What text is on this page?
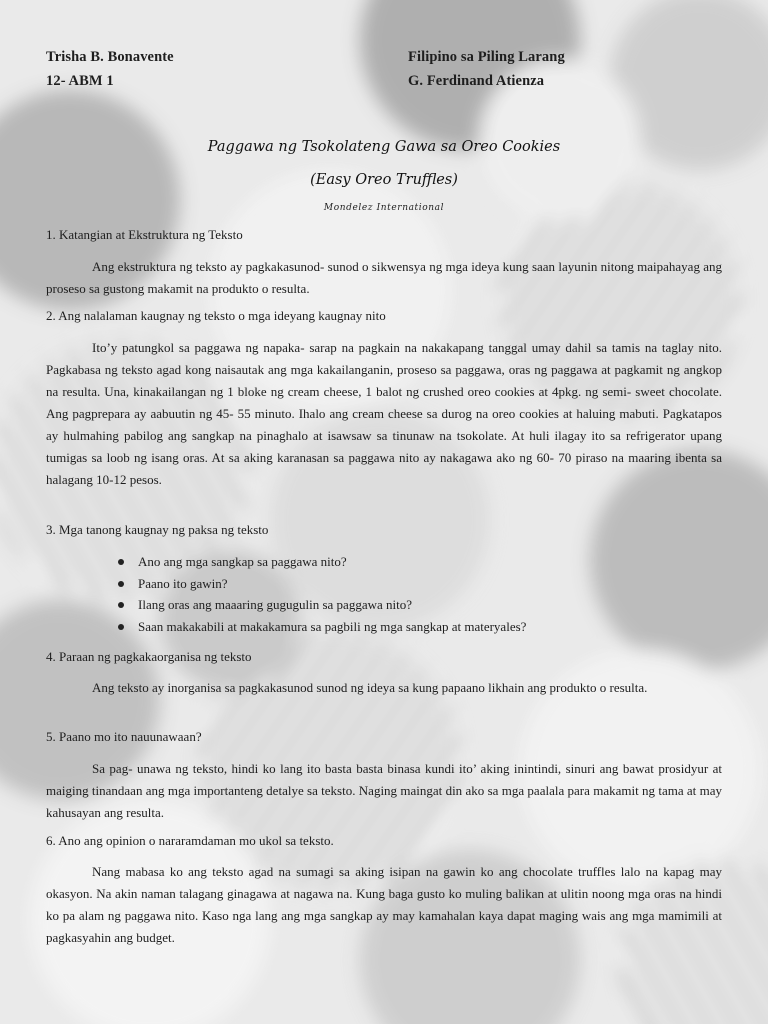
Trisha B. Bonavente
12- ABM 1
Filipino sa Piling Larang
G. Ferdinand Atienza
Paggawa ng Tsokolateng Gawa sa Oreo Cookies
(Easy Oreo Truffles)
Mondelez International
1. Katangian at Ekstruktura ng Teksto
Ang ekstruktura ng teksto ay pagkakasunod- sunod o sikwensya ng mga ideya kung saan layunin nitong maipahayag ang proseso sa gustong makamit na produkto o resulta.
2. Ang nalalaman kaugnay ng teksto o mga ideyang kaugnay nito
Ito’y patungkol sa paggawa ng napaka- sarap na pagkain na nakakapang tanggal umay dahil sa tamis na taglay nito. Pagkabasa ng teksto agad kong naisautak ang mga kakailanganin, proseso sa paggawa, oras ng paggawa at pagkamit ng angkop na resulta. Una, kinakailangan ng 1 bloke ng cream cheese, 1 balot ng crushed oreo cookies at 4pkg. ng semi- sweet chocolate. Ang pagprepara ay aabuutin ng 45- 55 minuto. Ihalo ang cream cheese sa durog na oreo cookies at haluing mabuti. Pagkatapos ay hulmahing pabilog ang sangkap na pinaghalo at isawsaw sa tinunaw na tsokolate. At huli ilagay ito sa refrigerator upang tumigas sa loob ng isang oras. At sa aking karanasan sa paggawa nito ay nakagawa ako ng 60- 70 piraso na maaring ibenta sa halagang 10-12 pesos.
3. Mga tanong kaugnay ng paksa ng teksto
Ano ang mga sangkap sa paggawa nito?
Paano ito gawin?
Ilang oras ang maaaring gugugulin sa paggawa nito?
Saan makakabili at makakamura sa pagbili ng mga sangkap at materyales?
4. Paraan ng pagkakaorganisa ng teksto
Ang teksto ay inorganisa sa pagkakasunod sunod ng ideya sa kung papaano likhain ang produkto o resulta.
5. Paano mo ito nauunawaan?
Sa pag- unawa ng teksto, hindi ko lang ito basta basta binasa kundi ito’ aking inintindi, sinuri ang bawat prosidyur at maiging tinandaan ang mga importanteng detalye sa teksto. Naging maingat din ako sa mga paalala para makamit ng tama at may kahusayan ang resulta.
6. Ano ang opinion o nararamdaman mo ukol sa teksto.
Nang mabasa ko ang teksto agad na sumagi sa aking isipan na gawin ko ang chocolate truffles lalo na kapag may okasyon. Na akin naman talagang ginagawa at nagawa na. Kung baga gusto ko muling balikan at ulitin noong mga oras na hindi ko pa alam ng paggawa nito. Kaso nga lang ang mga sangkap ay may kamahalan kaya dapat maging wais ang mga mamimili at pagkasyahin ang budget.
